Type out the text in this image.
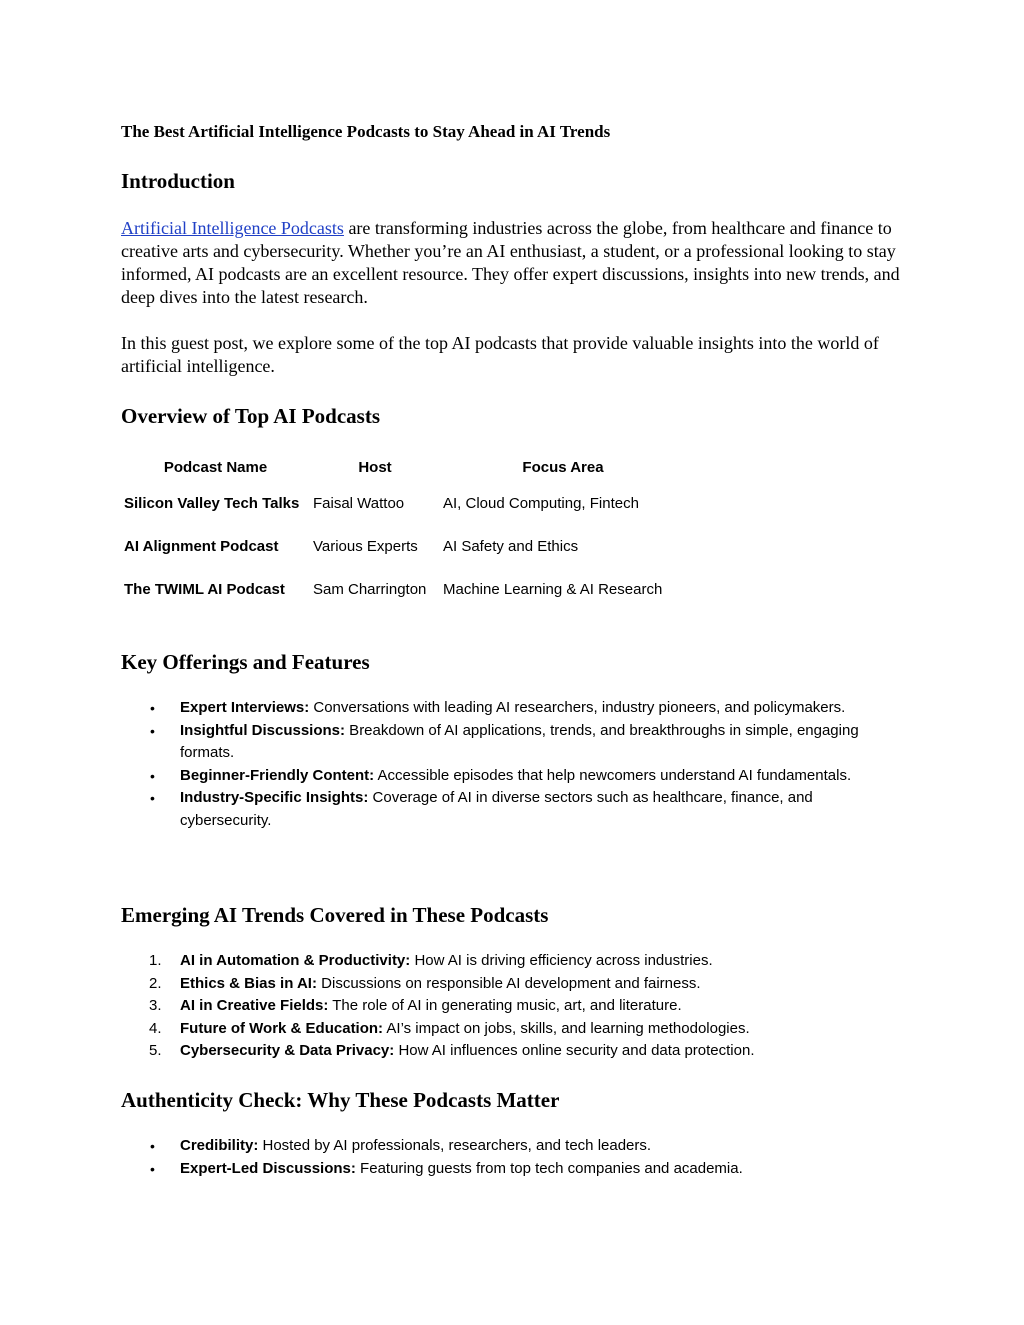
The Best Artificial Intelligence Podcasts to Stay Ahead in AI Trends
Introduction
Artificial Intelligence Podcasts are transforming industries across the globe, from healthcare and finance to creative arts and cybersecurity. Whether you’re an AI enthusiast, a student, or a professional looking to stay informed, AI podcasts are an excellent resource. They offer expert discussions, insights into new trends, and deep dives into the latest research.
In this guest post, we explore some of the top AI podcasts that provide valuable insights into the world of artificial intelligence.
Overview of Top AI Podcasts
Podcast Name	Host	Focus Area
Silicon Valley Tech Talks	Faisal Wattoo	AI, Cloud Computing, Fintech
AI Alignment Podcast	Various Experts	AI Safety and Ethics
The TWIML AI Podcast	Sam Charrington	Machine Learning & AI Research
Key Offerings and Features
• Expert Interviews: Conversations with leading AI researchers, industry pioneers, and policymakers.
• Insightful Discussions: Breakdown of AI applications, trends, and breakthroughs in simple, engaging formats.
• Beginner-Friendly Content: Accessible episodes that help newcomers understand AI fundamentals.
• Industry-Specific Insights: Coverage of AI in diverse sectors such as healthcare, finance, and cybersecurity.
Emerging AI Trends Covered in These Podcasts
1. AI in Automation & Productivity: How AI is driving efficiency across industries.
2. Ethics & Bias in AI: Discussions on responsible AI development and fairness.
3. AI in Creative Fields: The role of AI in generating music, art, and literature.
4. Future of Work & Education: AI’s impact on jobs, skills, and learning methodologies.
5. Cybersecurity & Data Privacy: How AI influences online security and data protection.
Authenticity Check: Why These Podcasts Matter
• Credibility: Hosted by AI professionals, researchers, and tech leaders.
• Expert-Led Discussions: Featuring guests from top tech companies and academia.
